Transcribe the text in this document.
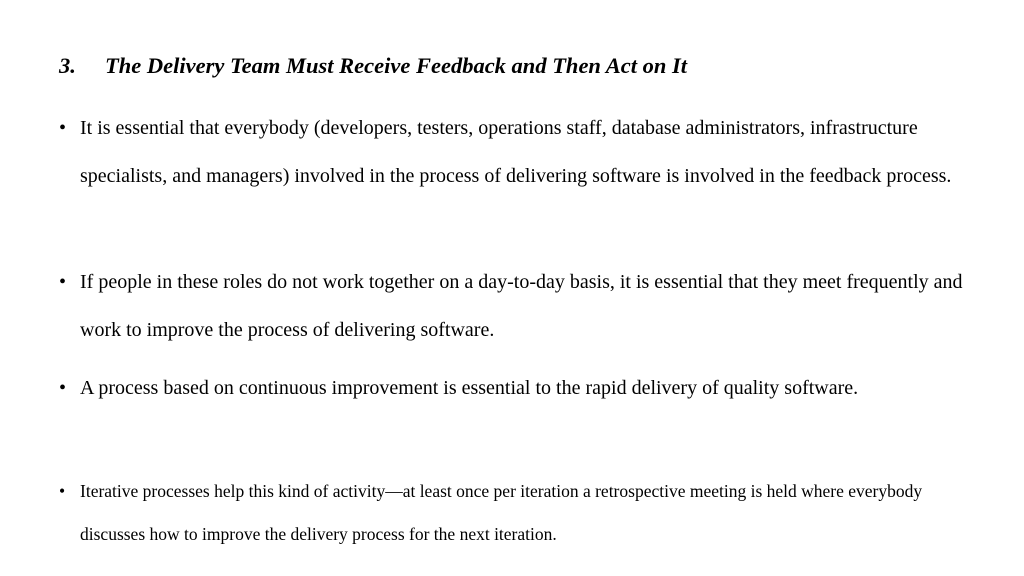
3. The Delivery Team Must Receive Feedback and Then Act on It
• It is essential that everybody (developers, testers, operations staff, database administrators, infrastructure specialists, and managers) involved in the process of delivering software is involved in the feedback process.
• If people in these roles do not work together on a day-to-day basis, it is essential that they meet frequently and work to improve the process of delivering software.
• A process based on continuous improvement is essential to the rapid delivery of quality software.
• Iterative processes help this kind of activity—at least once per iteration a retrospective meeting is held where everybody discusses how to improve the delivery process for the next iteration.
